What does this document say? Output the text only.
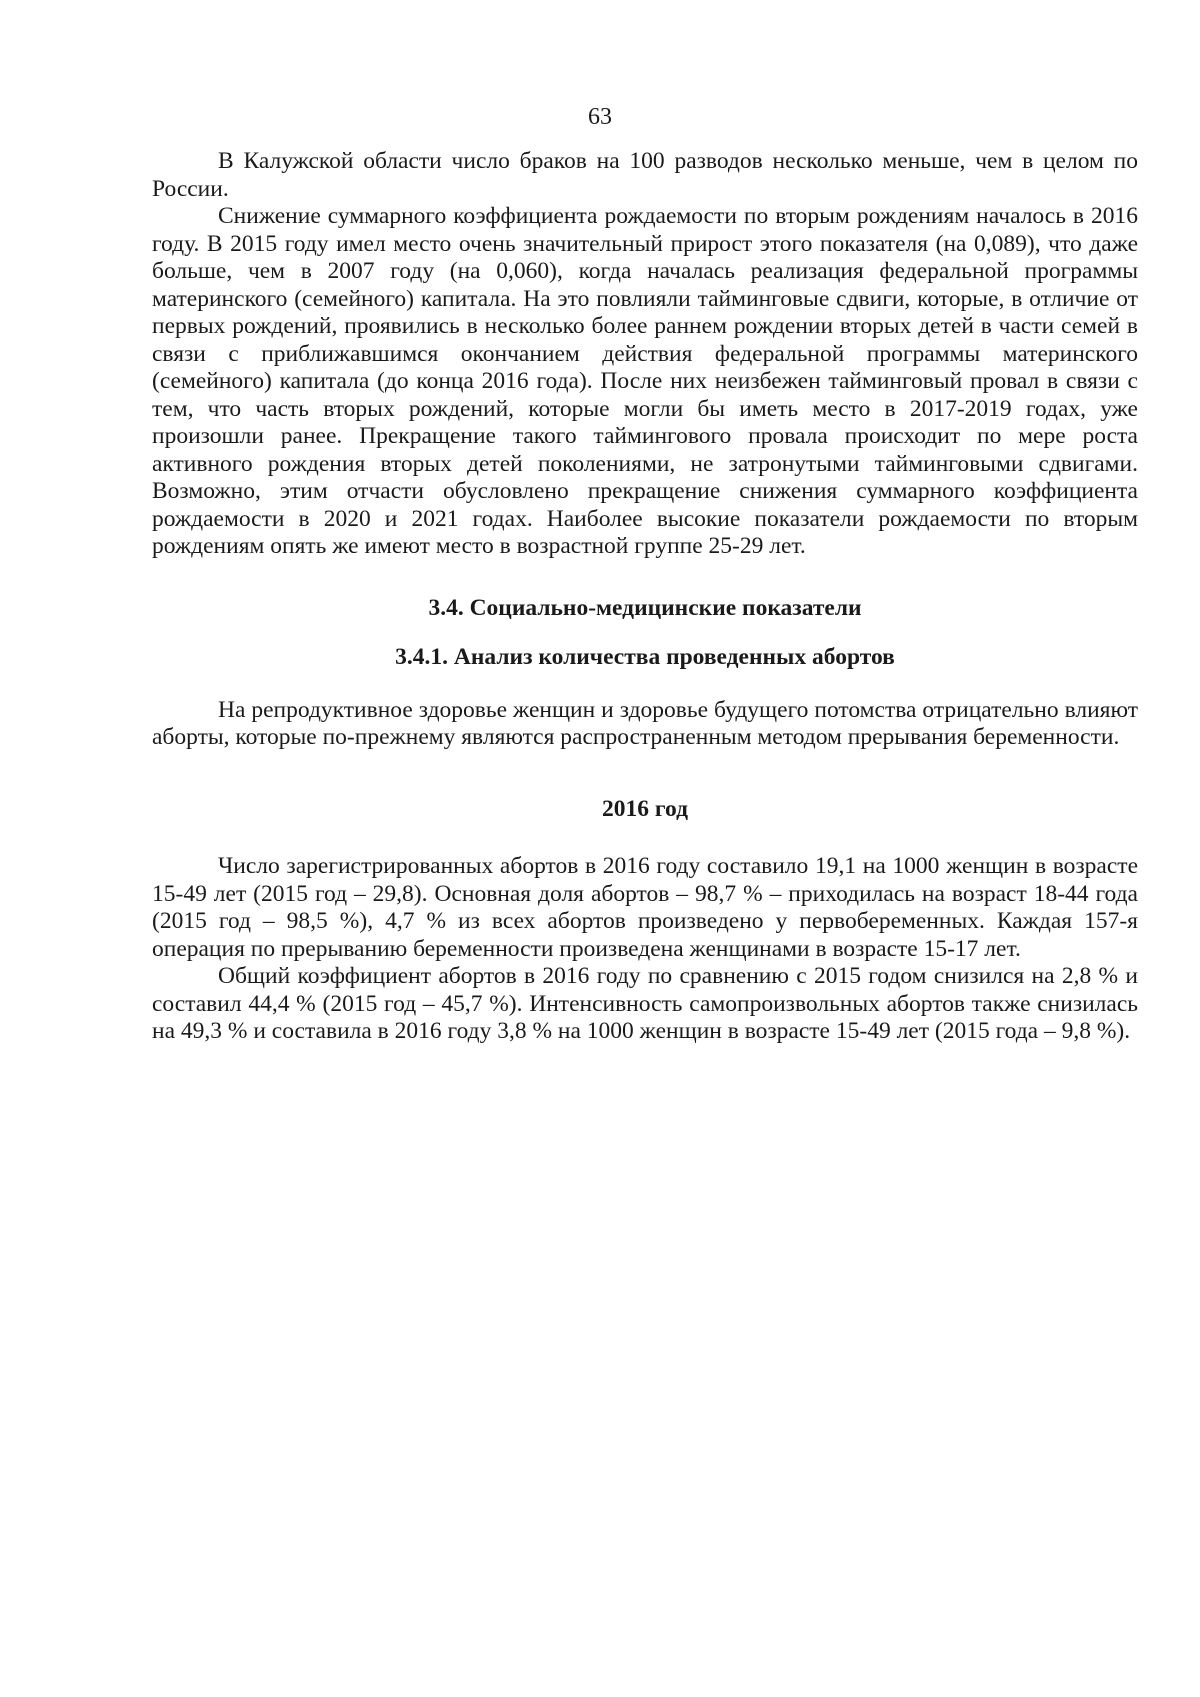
63

В Калужской области число браков на 100 разводов несколько меньше, чем в целом по России.

Снижение суммарного коэффициента рождаемости по вторым рождениям началось в 2016 году. В 2015 году имел место очень значительный прирост этого показателя (на 0,089), что даже больше, чем в 2007 году (на 0,060), когда началась реализация федеральной программы материнского (семейного) капитала. На это повлияли тайминговые сдвиги, которые, в отличие от первых рождений, проявились в несколько более раннем рождении вторых детей в части семей в связи с приближавшимся окончанием действия федеральной программы материнского (семейного) капитала (до конца 2016 года). После них неизбежен тайминговый провал в связи с тем, что часть вторых рождений, которые могли бы иметь место в 2017-2019 годах, уже произошли ранее. Прекращение такого таймингового провала происходит по мере роста активного рождения вторых детей поколениями, не затронутыми тайминговыми сдвигами. Возможно, этим отчасти обусловлено прекращение снижения суммарного коэффициента рождаемости в 2020 и 2021 годах. Наиболее высокие показатели рождаемости по вторым рождениям опять же имеют место в возрастной группе 25-29 лет.

3.4. Социально-медицинские показатели
3.4.1. Анализ количества проведенных абортов

На репродуктивное здоровье женщин и здоровье будущего потомства отрицательно влияют аборты, которые по-прежнему являются распространенным методом прерывания беременности.

2016 год

Число зарегистрированных абортов в 2016 году составило 19,1 на 1000 женщин в возрасте 15-49 лет (2015 год – 29,8). Основная доля абортов – 98,7 % – приходилась на возраст 18-44 года (2015 год – 98,5 %), 4,7 % из всех абортов произведено у первобеременных. Каждая 157-я операция по прерыванию беременности произведена женщинами в возрасте 15-17 лет.

Общий коэффициент абортов в 2016 году по сравнению с 2015 годом снизился на 2,8 % и составил 44,4 % (2015 год – 45,7 %). Интенсивность самопроизвольных абортов также снизилась на 49,3 % и составила в 2016 году 3,8 % на 1000 женщин в возрасте 15-49 лет (2015 года – 9,8 %).
